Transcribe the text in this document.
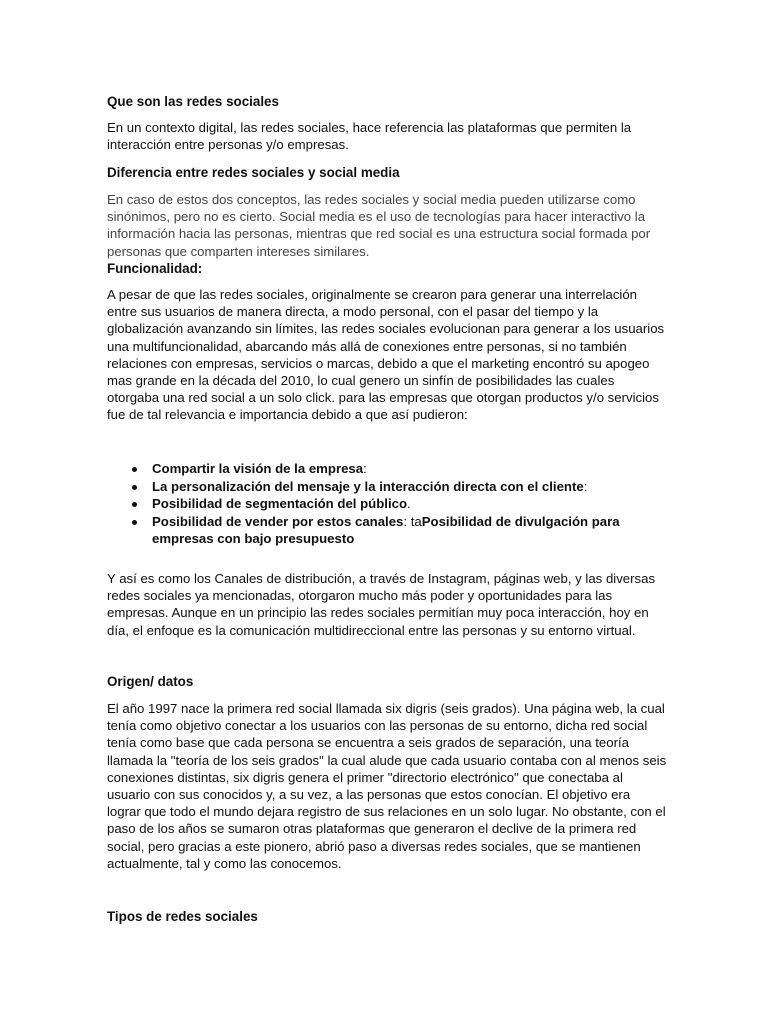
Que son las redes sociales

En un contexto digital, las redes sociales, hace referencia las plataformas que permiten la interacción entre personas y/o empresas.

Diferencia entre redes sociales y social media

En caso de estos dos conceptos, las redes sociales y social media pueden utilizarse como sinónimos, pero no es cierto. Social media es el uso de tecnologías para hacer interactivo la información hacia las personas, mientras que red social es una estructura social formada por personas que comparten intereses similares.

Funcionalidad:

A pesar de que las redes sociales, originalmente se crearon para generar una interrelación entre sus usuarios de manera directa, a modo personal, con el pasar del tiempo y la globalización avanzando sin límites, las redes sociales evolucionan para generar a los usuarios una multifuncionalidad, abarcando más allá de conexiones entre personas, si no también relaciones con empresas, servicios o marcas, debido a que el marketing encontró su apogeo mas grande en la década del 2010, lo cual genero un sinfín de posibilidades las cuales otorgaba una red social a un solo click. para las empresas que otorgan productos y/o servicios fue de tal relevancia e importancia debido a que así pudieron:

Compartir la visión de la empresa:
La personalización del mensaje y la interacción directa con el cliente:
Posibilidad de segmentación del público.
Posibilidad de vender por estos canales: taPosibilidad de divulgación para empresas con bajo presupuesto

Y así es como los Canales de distribución, a través de Instagram, páginas web, y las diversas redes sociales ya mencionadas, otorgaron mucho más poder y oportunidades para las empresas. Aunque en un principio las redes sociales permitían muy poca interacción, hoy en día, el enfoque es la comunicación multidireccional entre las personas y su entorno virtual.

Origen/ datos

El año 1997 nace la primera red social llamada six digris (seis grados). Una página web, la cual tenía como objetivo conectar a los usuarios con las personas de su entorno, dicha red social tenía como base que cada persona se encuentra a seis grados de separación, una teoría llamada la "teoría de los seis grados" la cual alude que cada usuario contaba con al menos seis conexiones distintas, six digris genera el primer "directorio electrónico" que conectaba al usuario con sus conocidos y, a su vez, a las personas que estos conocían. El objetivo era lograr que todo el mundo dejara registro de sus relaciones en un solo lugar. No obstante, con el paso de los años se sumaron otras plataformas que generaron el declive de la primera red social, pero gracias a este pionero, abrió paso a diversas redes sociales, que se mantienen actualmente, tal y como las conocemos.

Tipos de redes sociales
